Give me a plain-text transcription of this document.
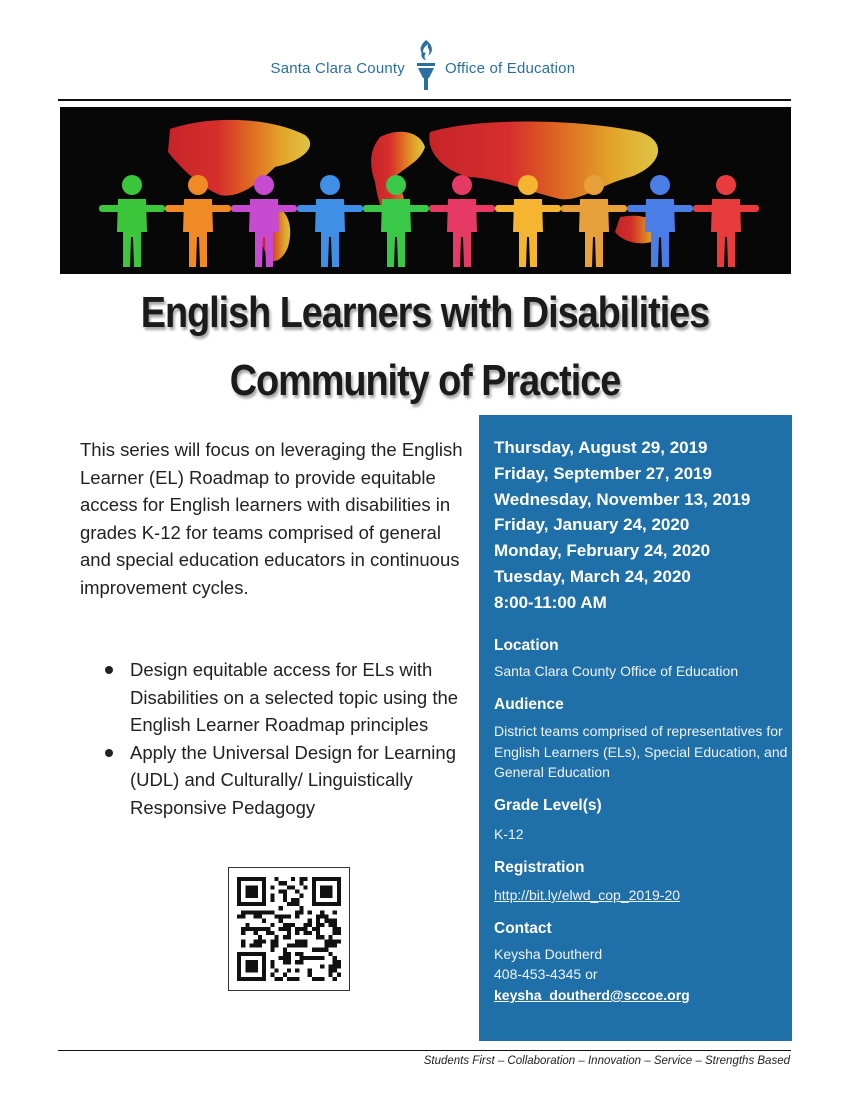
Santa Clara County	Office of Education
English Learners with Disabilities
Community of Practice
This series will focus on leveraging the English Learner (EL) Roadmap to provide equitable access for English learners with disabilities in grades K-12 for teams comprised of general and special education educators in continuous improvement cycles.
Design equitable access for ELs with Disabilities on a selected topic using the English Learner Roadmap principles
Apply the Universal Design for Learning (UDL) and Culturally/ Linguistically Responsive Pedagogy
Thursday, August 29, 2019
Friday, September 27, 2019
Wednesday, November 13, 2019
Friday, January 24, 2020
Monday, February 24, 2020
Tuesday, March 24, 2020
8:00-11:00 AM
Location
Santa Clara County Office of Education
Audience
District teams comprised of representatives for English Learners (ELs), Special Education, and General Education
Grade Level(s)
K-12
Registration
http://bit.ly/elwd_cop_2019-20
Contact
Keysha Doutherd
408-453-4345 or
keysha_doutherd@sccoe.org
Students First – Collaboration – Innovation – Service – Strengths Based
